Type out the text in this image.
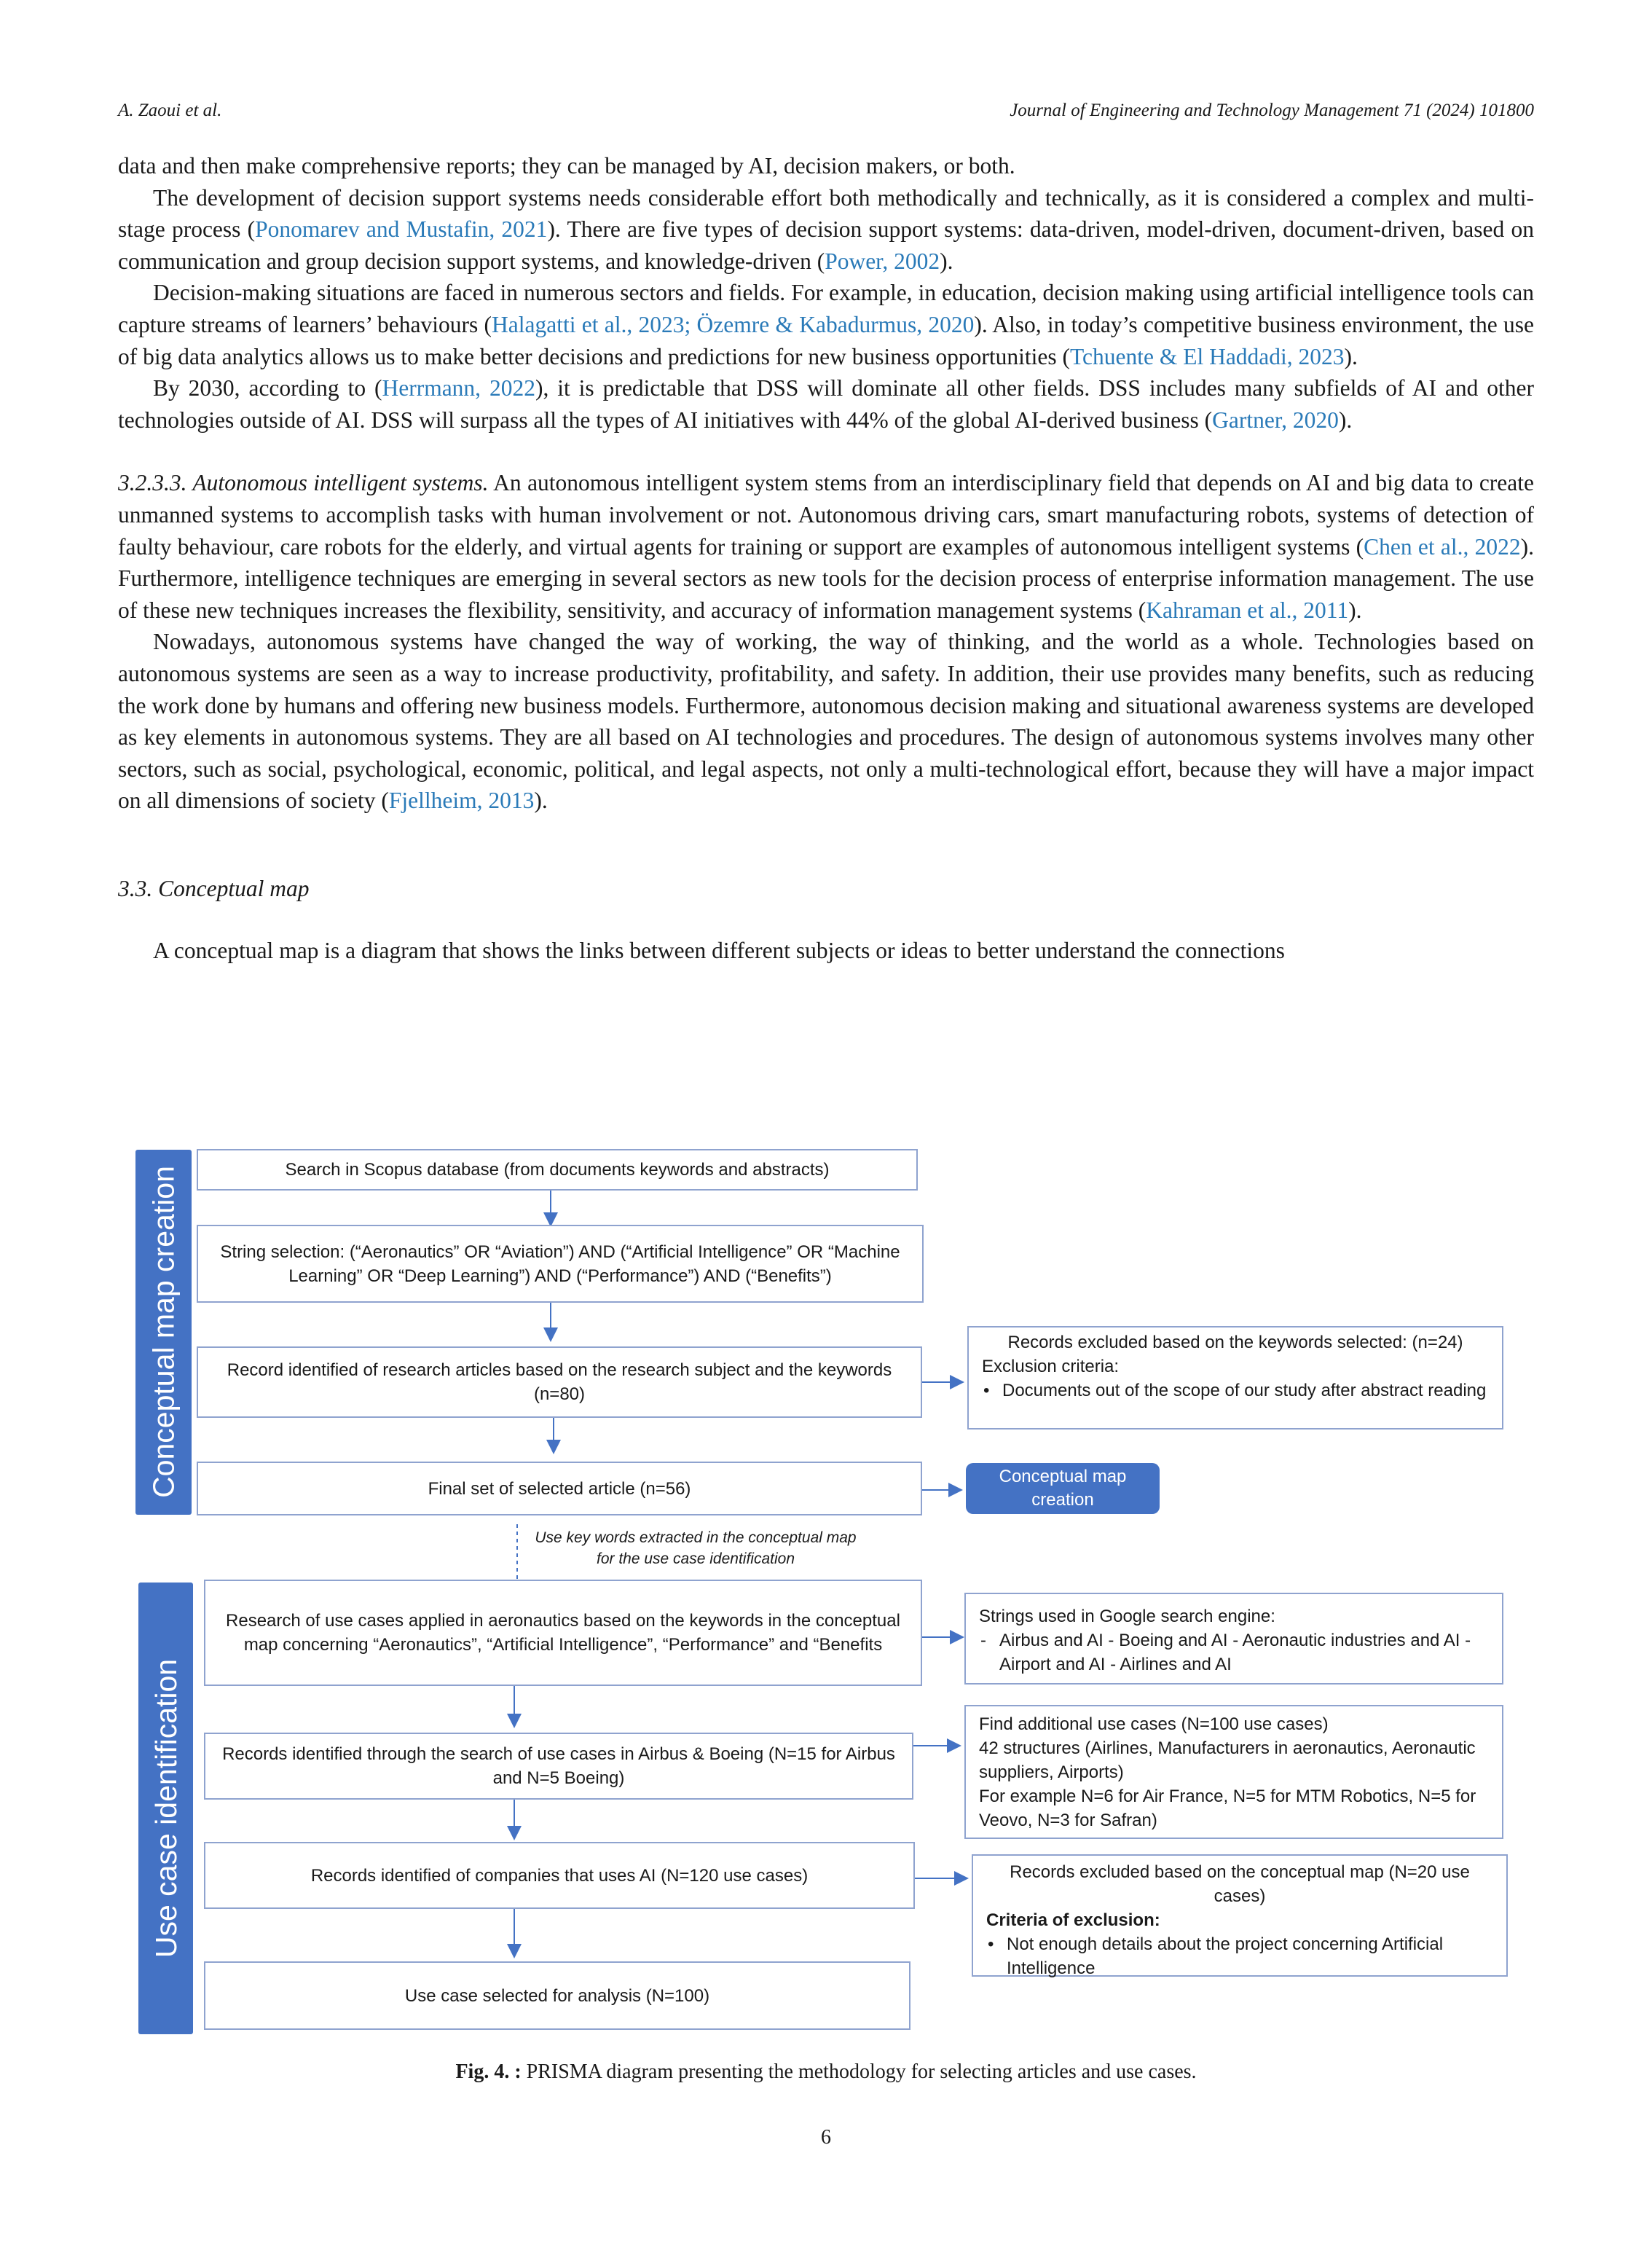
A. Zaoui et al.	Journal of Engineering and Technology Management 71 (2024) 101800

data and then make comprehensive reports; they can be managed by AI, decision makers, or both.

The development of decision support systems needs considerable effort both methodically and technically, as it is considered a complex and multi-stage process (Ponomarev and Mustafin, 2021). There are five types of decision support systems: data-driven, model-driven, document-driven, based on communication and group decision support systems, and knowledge-driven (Power, 2002).

Decision-making situations are faced in numerous sectors and fields. For example, in education, decision making using artificial intelligence tools can capture streams of learners’ behaviours (Halagatti et al., 2023; Özemre & Kabadurmus, 2020). Also, in today’s competitive business environment, the use of big data analytics allows us to make better decisions and predictions for new business opportunities (Tchuente & El Haddadi, 2023).

By 2030, according to (Herrmann, 2022), it is predictable that DSS will dominate all other fields. DSS includes many subfields of AI and other technologies outside of AI. DSS will surpass all the types of AI initiatives with 44% of the global AI-derived business (Gartner, 2020).

3.2.3.3. Autonomous intelligent systems. An autonomous intelligent system stems from an interdisciplinary field that depends on AI and big data to create unmanned systems to accomplish tasks with human involvement or not. Autonomous driving cars, smart manufacturing robots, systems of detection of faulty behaviour, care robots for the elderly, and virtual agents for training or support are examples of autonomous intelligent systems (Chen et al., 2022). Furthermore, intelligence techniques are emerging in several sectors as new tools for the decision process of enterprise information management. The use of these new techniques increases the flexibility, sensitivity, and accuracy of information management systems (Kahraman et al., 2011).

Nowadays, autonomous systems have changed the way of working, the way of thinking, and the world as a whole. Technologies based on autonomous systems are seen as a way to increase productivity, profitability, and safety. In addition, their use provides many benefits, such as reducing the work done by humans and offering new business models. Furthermore, autonomous decision making and situational awareness systems are developed as key elements in autonomous systems. They are all based on AI technologies and procedures. The design of autonomous systems involves many other sectors, such as social, psychological, economic, political, and legal aspects, not only a multi-technological effort, because they will have a major impact on all dimensions of society (Fjellheim, 2013).

3.3. Conceptual map

A conceptual map is a diagram that shows the links between different subjects or ideas to better understand the connections

Conceptual map creation
Use case identification
Search in Scopus database (from documents keywords and abstracts)
String selection: (“Aeronautics” OR “Aviation”) AND (“Artificial Intelligence” OR “Machine Learning” OR “Deep Learning”) AND (“Performance”) AND (“Benefits”)
Record identified of research articles based on the research subject and the keywords (n=80)
Final set of selected article (n=56)
Records excluded based on the keywords selected: (n=24)
Exclusion criteria:
• Documents out of the scope of our study after abstract reading
Conceptual map creation
Use key words extracted in the conceptual map for the use case identification
Research of use cases applied in aeronautics based on the keywords in the conceptual map concerning “Aeronautics”, “Artificial Intelligence”, “Performance” and “Benefits
Records identified through the search of use cases in Airbus & Boeing (N=15 for Airbus and N=5 Boeing)
Records identified of companies that uses AI (N=120 use cases)
Use case selected for analysis (N=100)
Strings used in Google search engine:
- Airbus and AI - Boeing and AI - Aeronautic industries and AI - Airport and AI - Airlines and AI
Find additional use cases (N=100 use cases)
42 structures (Airlines, Manufacturers in aeronautics, Aeronautic suppliers, Airports)
For example N=6 for Air France, N=5 for MTM Robotics, N=5 for Veovo, N=3 for Safran)
Records excluded based on the conceptual map (N=20 use cases)
Criteria of exclusion:
• Not enough details about the project concerning Artificial Intelligence
Fig. 4. : PRISMA diagram presenting the methodology for selecting articles and use cases.
6
